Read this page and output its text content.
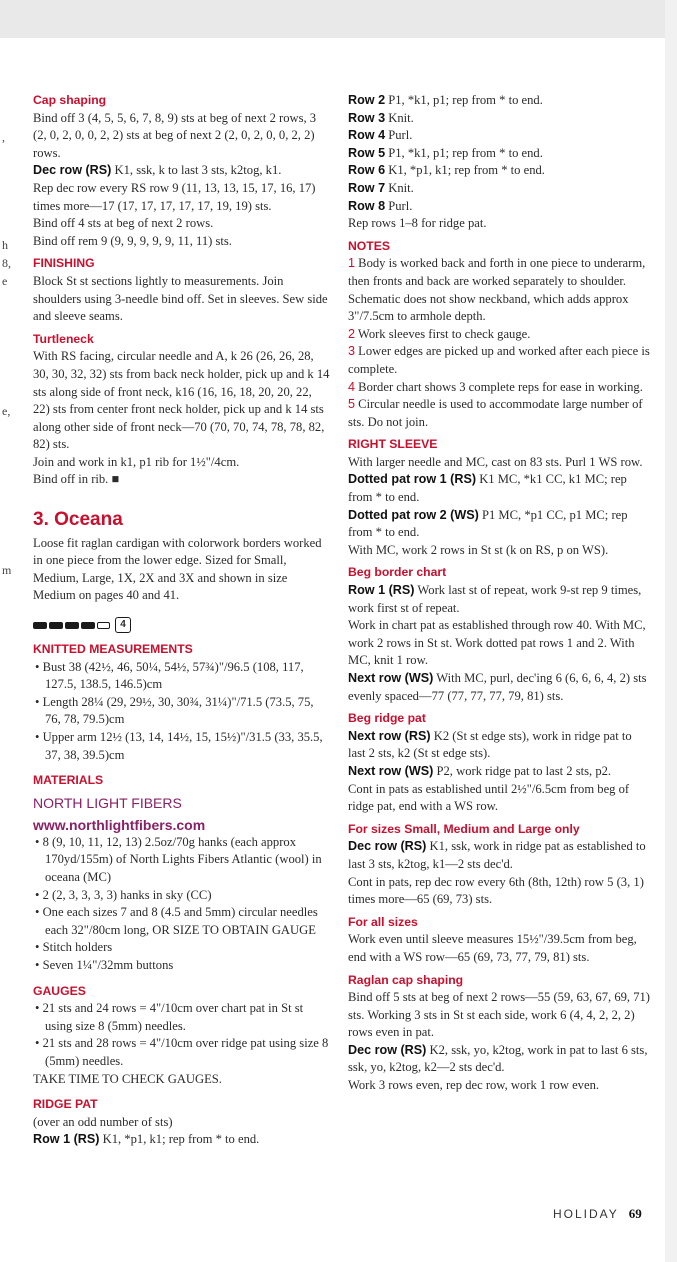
,
h
8,
e
e,
m
Cap shaping

Bind off 3 (4, 5, 5, 6, 7, 8, 9) sts at beg of next 2 rows, 3 (2, 0, 2, 0, 0, 2, 2) sts at beg of next 2 (2, 0, 2, 0, 0, 2, 2) rows.

Dec row (RS) K1, ssk, k to last 3 sts, k2tog, k1.

Rep dec row every RS row 9 (11, 13, 13, 15, 17, 16, 17) times more—17 (17, 17, 17, 17, 17, 19, 19) sts.

Bind off 4 sts at beg of next 2 rows.

Bind off rem 9 (9, 9, 9, 9, 9, 11, 11) sts.

FINISHING

Block St st sections lightly to measurements. Join shoulders using 3-needle bind off. Set in sleeves. Sew side and sleeve seams.

Turtleneck

With RS facing, circular needle and A, k 26 (26, 26, 28, 30, 30, 32, 32) sts from back neck holder, pick up and k 14 sts along side of front neck, k16 (16, 16, 18, 20, 20, 22, 22) sts from center front neck holder, pick up and k 14 sts along other side of front neck—70 (70, 70, 74, 78, 78, 82, 82) sts.

Join and work in k1, p1 rib for 1½"/4cm.

Bind off in rib. ■

3. Oceana

Loose fit raglan cardigan with colorwork borders worked in one piece from the lower edge. Sized for Small, Medium, Large, 1X, 2X and 3X and shown in size Medium on pages 40 and 41.

4
KNITTED MEASUREMENTS
• Bust 38 (42½, 46, 50¼, 54½, 57¾)"/96.5 (108, 117, 127.5, 138.5, 146.5)cm
• Length 28¼ (29, 29½, 30, 30¾, 31¼)"/71.5 (73.5, 75, 76, 78, 79.5)cm
• Upper arm 12½ (13, 14, 14½, 15, 15½)"/31.5 (33, 35.5, 37, 38, 39.5)cm
MATERIALS
NORTH LIGHT FIBERS
www.northlightfibers.com
• 8 (9, 10, 11, 12, 13) 2.5oz/70g hanks (each approx 170yd/155m) of North Lights Fibers Atlantic (wool) in oceana (MC)
• 2 (2, 3, 3, 3, 3) hanks in sky (CC)
• One each sizes 7 and 8 (4.5 and 5mm) circular needles each 32"/80cm long, OR SIZE TO OBTAIN GAUGE
• Stitch holders
• Seven 1¼"/32mm buttons
GAUGES
• 21 sts and 24 rows = 4"/10cm over chart pat in St st using size 8 (5mm) needles.
• 21 sts and 28 rows = 4"/10cm over ridge pat using size 8 (5mm) needles.

TAKE TIME TO CHECK GAUGES.

RIDGE PAT

(over an odd number of sts)

Row 1 (RS) K1, *p1, k1; rep from * to end.

Row 2 P1, *k1, p1; rep from * to end.

Row 3 Knit.

Row 4 Purl.

Row 5 P1, *k1, p1; rep from * to end.

Row 6 K1, *p1, k1; rep from * to end.

Row 7 Knit.

Row 8 Purl.

Rep rows 1–8 for ridge pat.

NOTES

1 Body is worked back and forth in one piece to underarm, then fronts and back are worked separately to shoulder. Schematic does not show neckband, which adds approx 3"/7.5cm to armhole depth.

2 Work sleeves first to check gauge.

3 Lower edges are picked up and worked after each piece is complete.

4 Border chart shows 3 complete reps for ease in working.

5 Circular needle is used to accommodate large number of sts. Do not join.

RIGHT SLEEVE

With larger needle and MC, cast on 83 sts. Purl 1 WS row.

Dotted pat row 1 (RS) K1 MC, *k1 CC, k1 MC; rep from * to end.

Dotted pat row 2 (WS) P1 MC, *p1 CC, p1 MC; rep from * to end.

With MC, work 2 rows in St st (k on RS, p on WS).

Beg border chart

Row 1 (RS) Work last st of repeat, work 9-st rep 9 times, work first st of repeat.

Work in chart pat as established through row 40. With MC, work 2 rows in St st. Work dotted pat rows 1 and 2. With MC, knit 1 row.

Next row (WS) With MC, purl, dec'ing 6 (6, 6, 6, 4, 2) sts evenly spaced—77 (77, 77, 77, 79, 81) sts.

Beg ridge pat

Next row (RS) K2 (St st edge sts), work in ridge pat to last 2 sts, k2 (St st edge sts).

Next row (WS) P2, work ridge pat to last 2 sts, p2.

Cont in pats as established until 2½"/6.5cm from beg of ridge pat, end with a WS row.

For sizes Small, Medium and Large only

Dec row (RS) K1, ssk, work in ridge pat as established to last 3 sts, k2tog, k1—2 sts dec'd.

Cont in pats, rep dec row every 6th (8th, 12th) row 5 (3, 1) times more—65 (69, 73) sts.

For all sizes

Work even until sleeve measures 15½"/39.5cm from beg, end with a WS row—65 (69, 73, 77, 79, 81) sts.

Raglan cap shaping

Bind off 5 sts at beg of next 2 rows—55 (59, 63, 67, 69, 71) sts. Working 3 sts in St st each side, work 6 (4, 4, 2, 2, 2) rows even in pat.

Dec row (RS) K2, ssk, yo, k2tog, work in pat to last 6 sts, ssk, yo, k2tog, k2—2 sts dec'd.

Work 3 rows even, rep dec row, work 1 row even.

HOLIDAY 69
